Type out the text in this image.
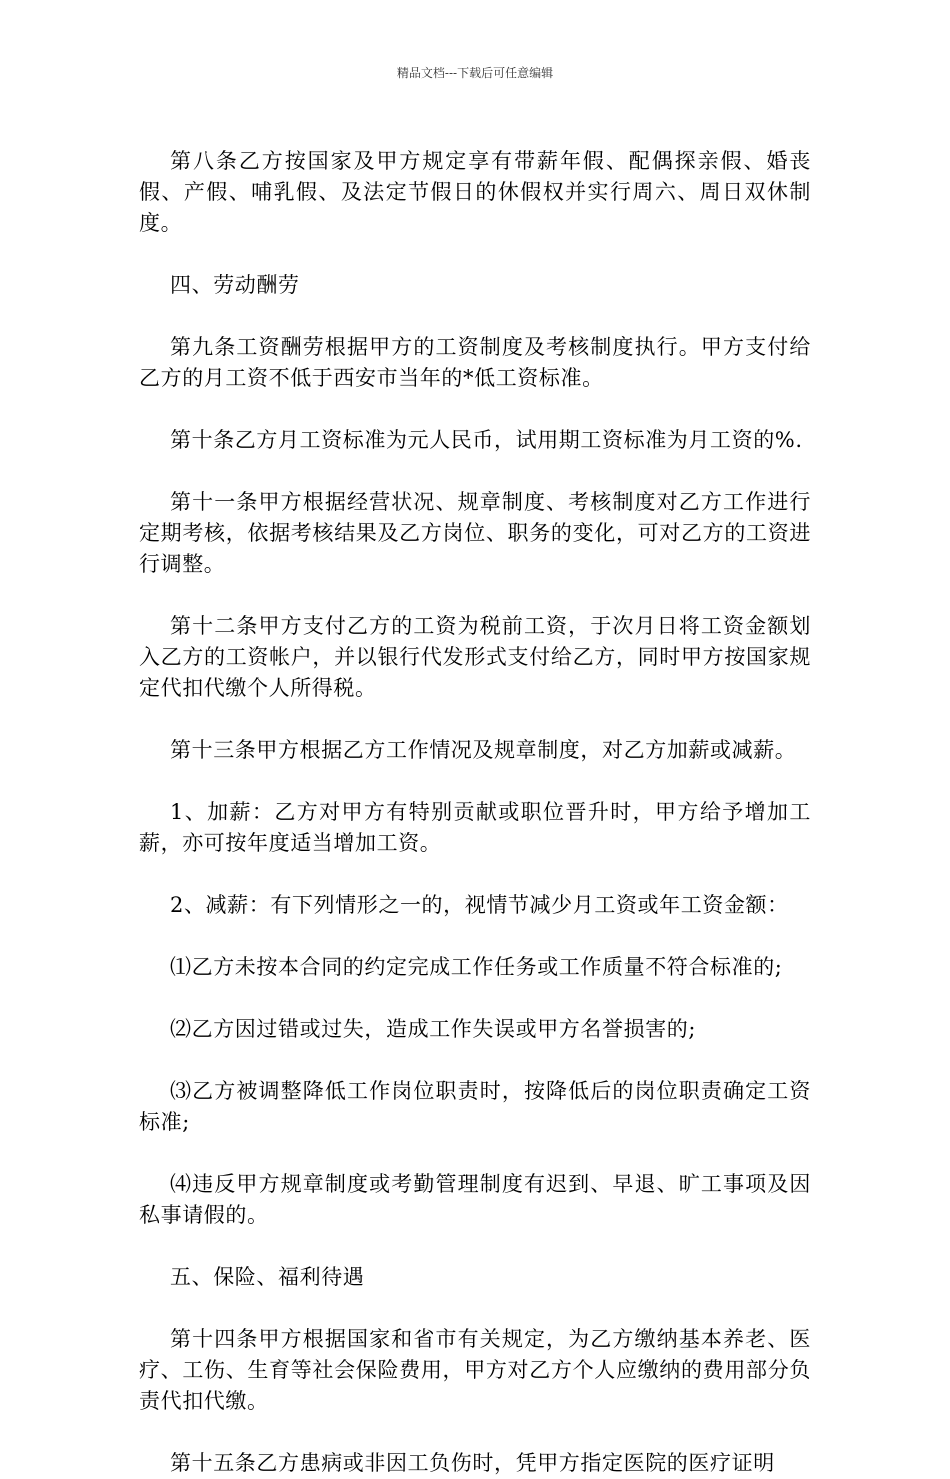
精品文档---下载后可任意编辑

第八条乙方按国家及甲方规定享有带薪年假、配偶探亲假、婚丧假、产假、哺乳假、及法定节假日的休假权并实行周六、周日双休制度。

四、劳动酬劳

第九条工资酬劳根据甲方的工资制度及考核制度执行。甲方支付给乙方的月工资不低于西安市当年的*低工资标准。

第十条乙方月工资标准为元人民币，试用期工资标准为月工资的%.

第十一条甲方根据经营状况、规章制度、考核制度对乙方工作进行定期考核，依据考核结果及乙方岗位、职务的变化，可对乙方的工资进行调整。

第十二条甲方支付乙方的工资为税前工资，于次月日将工资金额划入乙方的工资帐户，并以银行代发形式支付给乙方，同时甲方按国家规定代扣代缴个人所得税。

第十三条甲方根据乙方工作情况及规章制度，对乙方加薪或减薪。

1、加薪：乙方对甲方有特别贡献或职位晋升时，甲方给予增加工薪，亦可按年度适当增加工资。

2、减薪：有下列情形之一的，视情节减少月工资或年工资金额：

⑴乙方未按本合同的约定完成工作任务或工作质量不符合标准的;

⑵乙方因过错或过失，造成工作失误或甲方名誉损害的;

⑶乙方被调整降低工作岗位职责时，按降低后的岗位职责确定工资标准;

⑷违反甲方规章制度或考勤管理制度有迟到、早退、旷工事项及因私事请假的。

五、保险、福利待遇

第十四条甲方根据国家和省市有关规定，为乙方缴纳基本养老、医疗、工伤、生育等社会保险费用，甲方对乙方个人应缴纳的费用部分负责代扣代缴。

第十五条乙方患病或非因工负伤时，凭甲方指定医院的医疗证明
